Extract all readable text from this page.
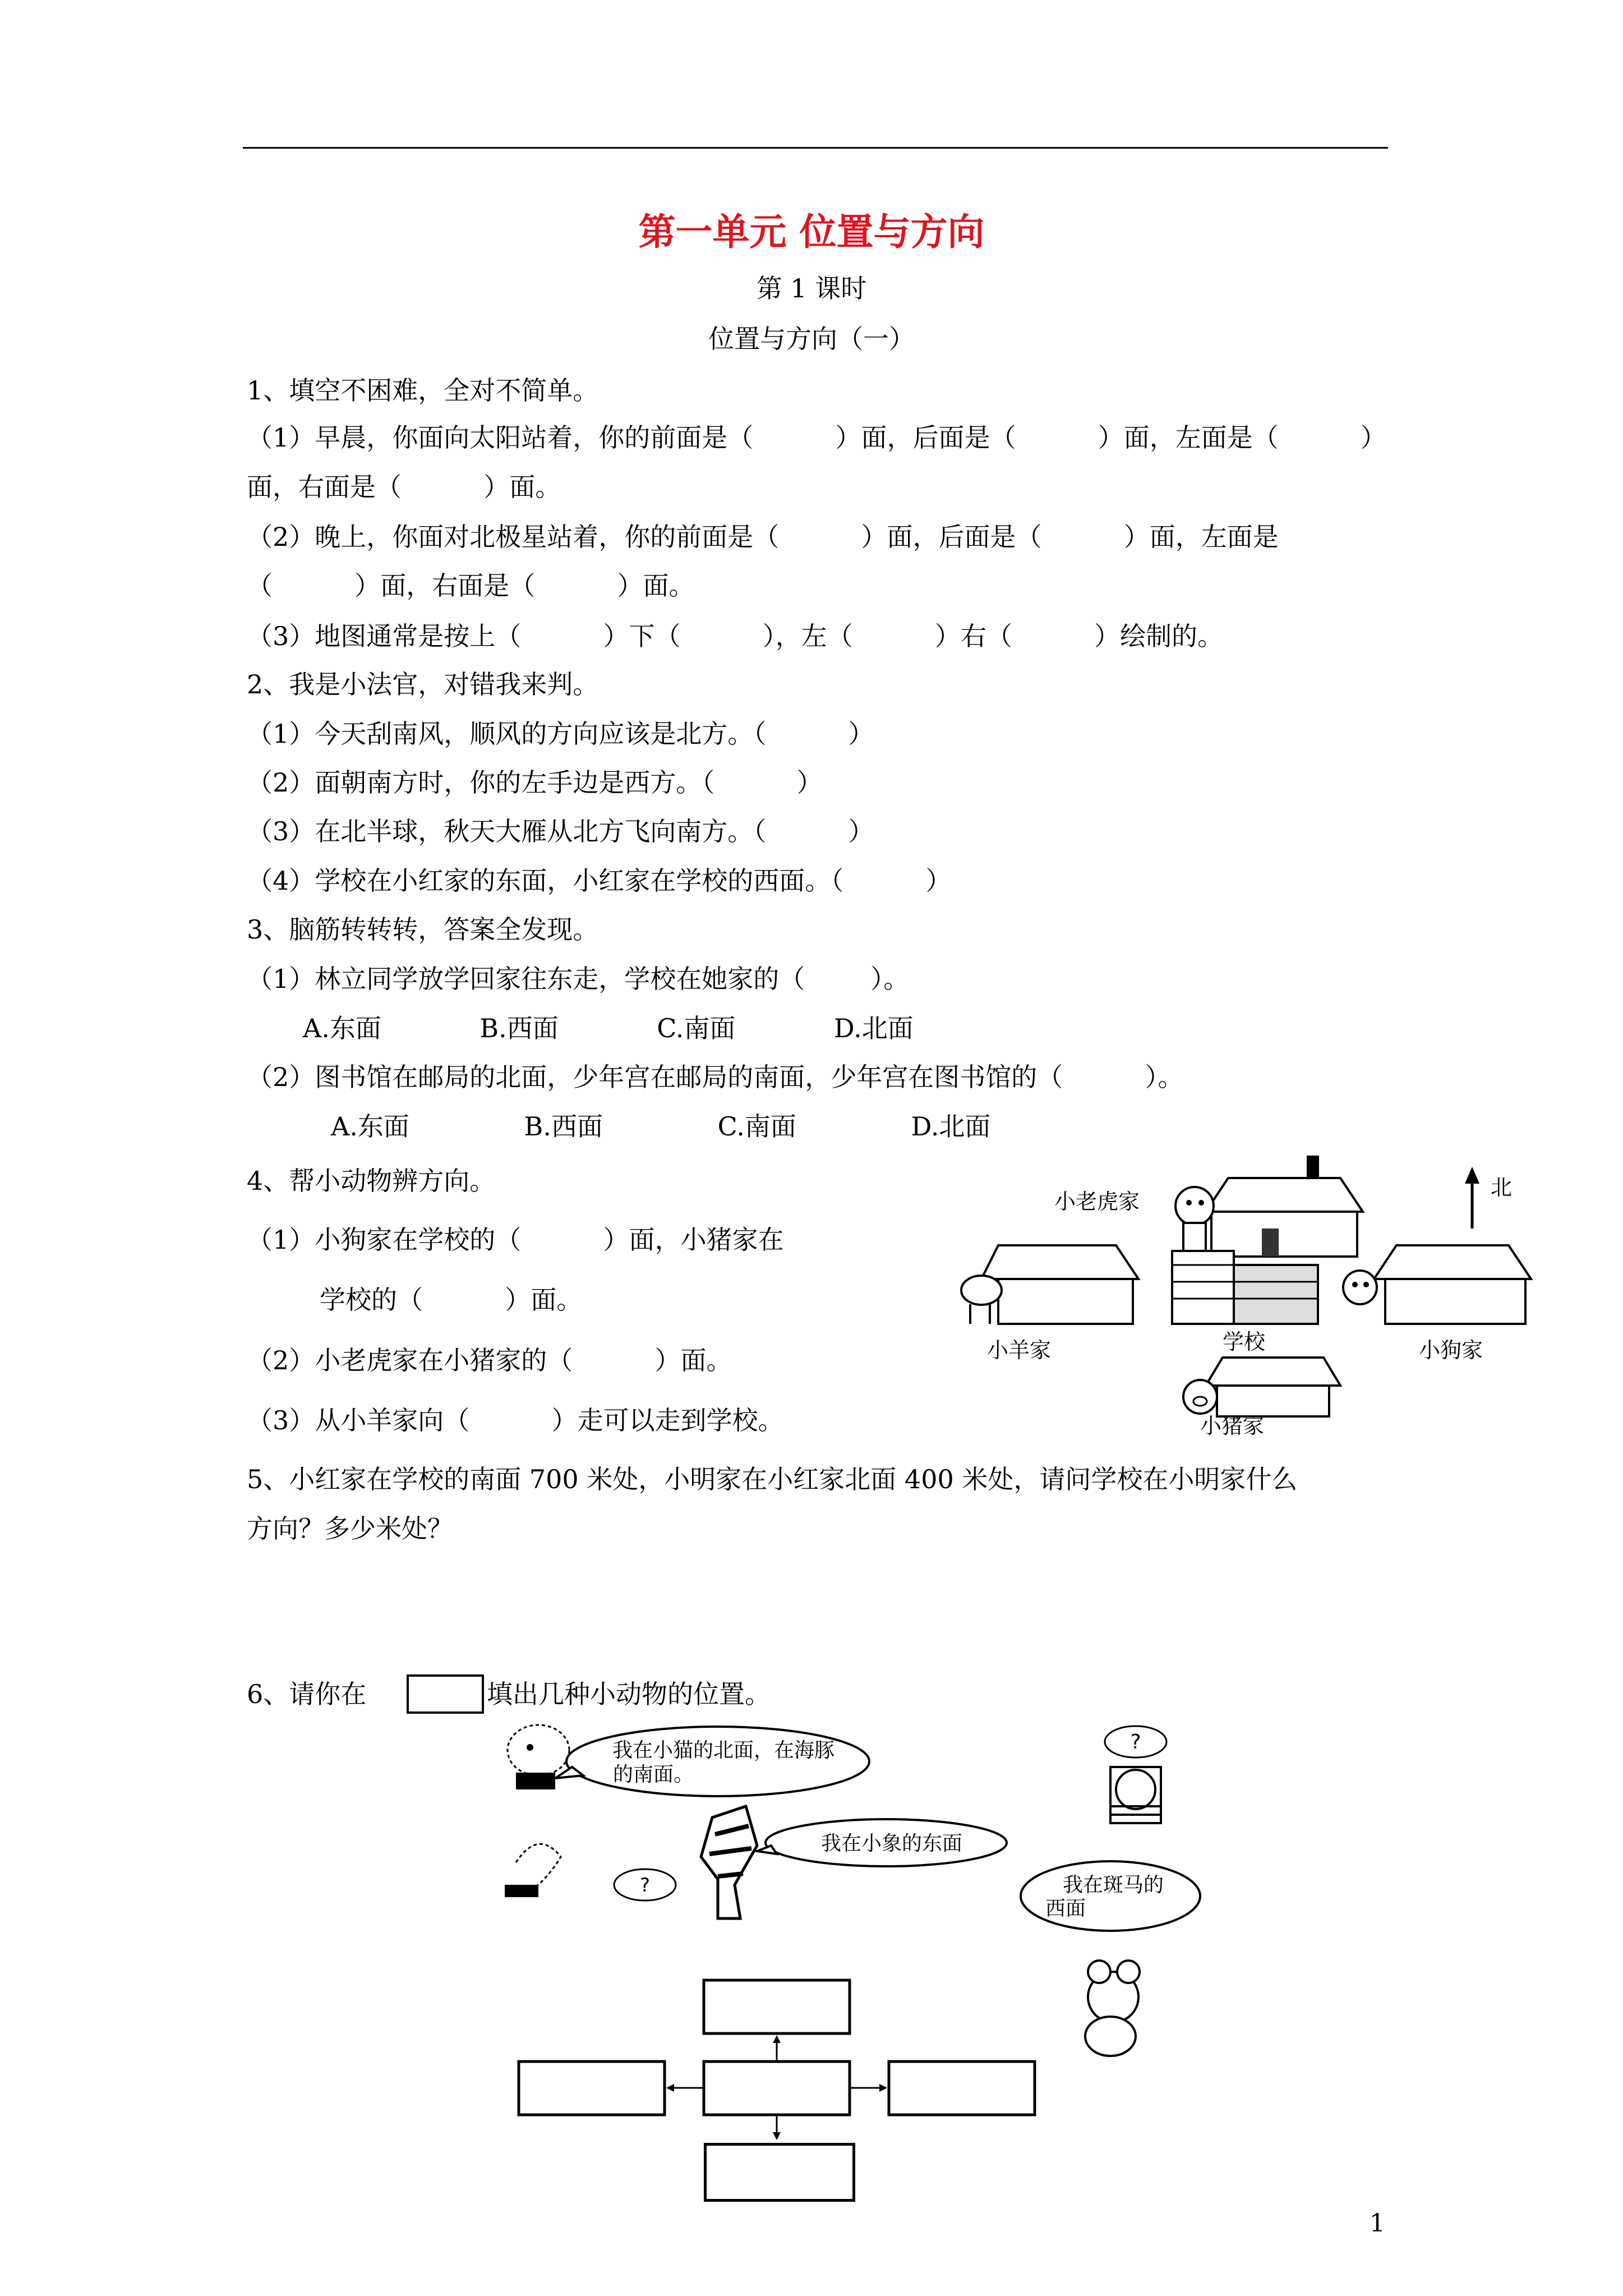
第一单元 位置与方向
第 1 课时
位置与方向（一）
1、填空不困难，全对不简单。
（1）早晨，你面向太阳站着，你的前面是（          ）面，后面是（          ）面，左面是（          ）
面，右面是（          ）面。
（2）晚上，你面对北极星站着，你的前面是（          ）面，后面是（          ）面，左面是
（          ）面，右面是（          ）面。
（3）地图通常是按上（          ）下（          ），左（          ）右（          ）绘制的。
2、我是小法官，对错我来判。
（1）今天刮南风，顺风的方向应该是北方。（          ）
（2）面朝南方时，你的左手边是西方。（          ）
（3）在北半球，秋天大雁从北方飞向南方。（          ）
（4）学校在小红家的东面，小红家在学校的西面。（          ）
3、脑筋转转转，答案全发现。
（1）林立同学放学回家往东走，学校在她家的（        ）。
A.东面            B.西面            C.南面            D.北面
（2）图书馆在邮局的北面，少年宫在邮局的南面，少年宫在图书馆的（          ）。
A.东面              B.西面              C.南面              D.北面
4、帮小动物辨方向。
（1）小狗家在学校的（          ）面，小猪家在
学校的（          ）面。
（2）小老虎家在小猪家的（          ）面。
（3）从小羊家向（          ）走可以走到学校。
小老虎家
北
小羊家	学校	小狗家
小猪家
5、小红家在学校的南面 700 米处，小明家在小红家北面 400 米处，请问学校在小明家什么
方向？多少米处？
6、请你在	填出几种小动物的位置。
我在小猫的北面，在海豚
的南面。
?
?
我在小象的东面
我在斑马的
西面
1
